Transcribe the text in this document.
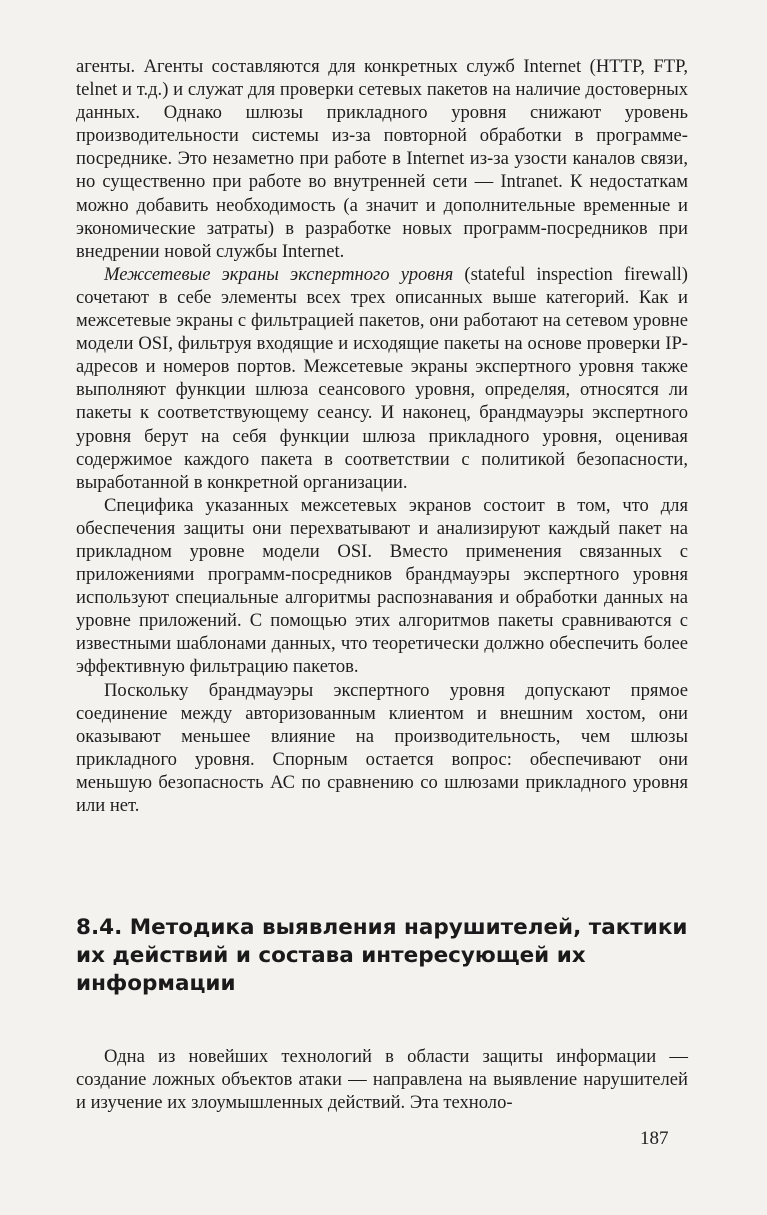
агенты. Агенты составляются для конкретных служб Internet (HTTP, FTP, telnet и т.д.) и служат для проверки сетевых пакетов на наличие достоверных данных. Однако шлюзы прикладного уровня снижают уровень производительности системы из-за повторной обработки в программе-посреднике. Это незаметно при работе в Internet из-за узости каналов связи, но существенно при работе во внутренней сети — Intranet. К недостаткам можно добавить необходимость (а значит и дополнительные временные и экономические затраты) в разработке новых программ-посредников при внедрении новой службы Internet.

Межсетевые экраны экспертного уровня (stateful inspection firewall) сочетают в себе элементы всех трех описанных выше категорий. Как и межсетевые экраны с фильтрацией пакетов, они работают на сетевом уровне модели OSI, фильтруя входящие и исходящие пакеты на основе проверки IP-адресов и номеров портов. Межсетевые экраны экспертного уровня также выполняют функции шлюза сеансового уровня, определяя, относятся ли пакеты к соответствующему сеансу. И наконец, брандмауэры экспертного уровня берут на себя функции шлюза прикладного уровня, оценивая содержимое каждого пакета в соответствии с политикой безопасности, выработанной в конкретной организации.

Специфика указанных межсетевых экранов состоит в том, что для обеспечения защиты они перехватывают и анализируют каждый пакет на прикладном уровне модели OSI. Вместо применения связанных с приложениями программ-посредников брандмауэры экспертного уровня используют специальные алгоритмы распознавания и обработки данных на уровне приложений. С помощью этих алгоритмов пакеты сравниваются с известными шаблонами данных, что теоретически должно обеспечить более эффективную фильтрацию пакетов.

Поскольку брандмауэры экспертного уровня допускают прямое соединение между авторизованным клиентом и внешним хостом, они оказывают меньшее влияние на производительность, чем шлюзы прикладного уровня. Спорным остается вопрос: обеспечивают они меньшую безопасность АС по сравнению со шлюзами прикладного уровня или нет.

8.4. Методика выявления нарушителей, тактики их действий и состава интересующей их информации

Одна из новейших технологий в области защиты информации — создание ложных объектов атаки — направлена на выявление нарушителей и изучение их злоумышленных действий. Эта техноло-

187
